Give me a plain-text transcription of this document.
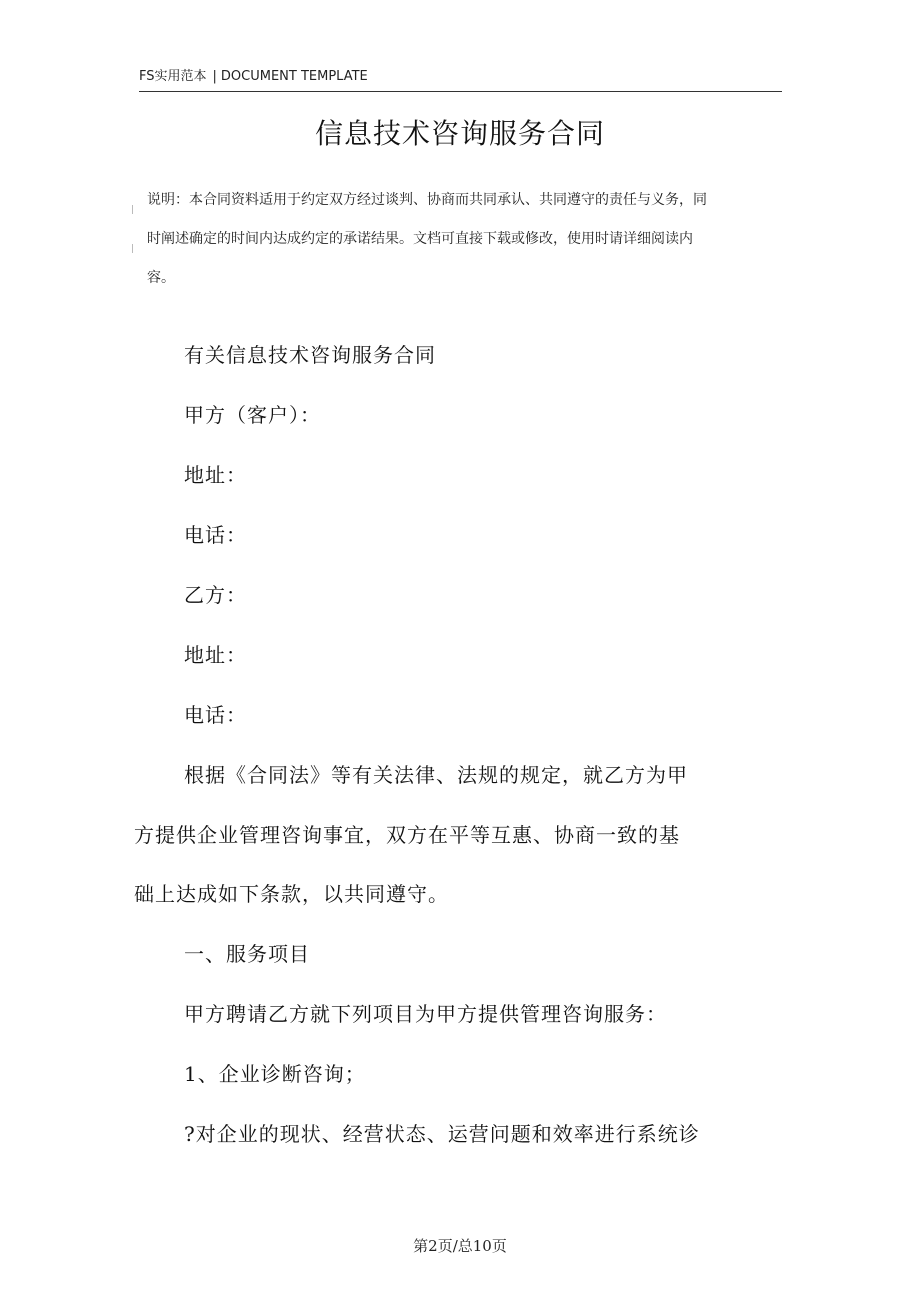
FS实用范本 | DOCUMENT TEMPLATE
信息技术咨询服务合同
说明：本合同资料适用于约定双方经过谈判、协商而共同承认、共同遵守的责任与义务，同时阐述确定的时间内达成约定的承诺结果。文档可直接下载或修改，使用时请详细阅读内容。
有关信息技术咨询服务合同
甲方（客户）：
地址：
电话：
乙方：
地址：
电话：
根据《合同法》等有关法律、法规的规定，就乙方为甲
方提供企业管理咨询事宜，双方在平等互惠、协商一致的基
础上达成如下条款，以共同遵守。
一、服务项目
甲方聘请乙方就下列项目为甲方提供管理咨询服务：
1、企业诊断咨询；
?对企业的现状、经营状态、运营问题和效率进行系统诊
第2页/总10页
